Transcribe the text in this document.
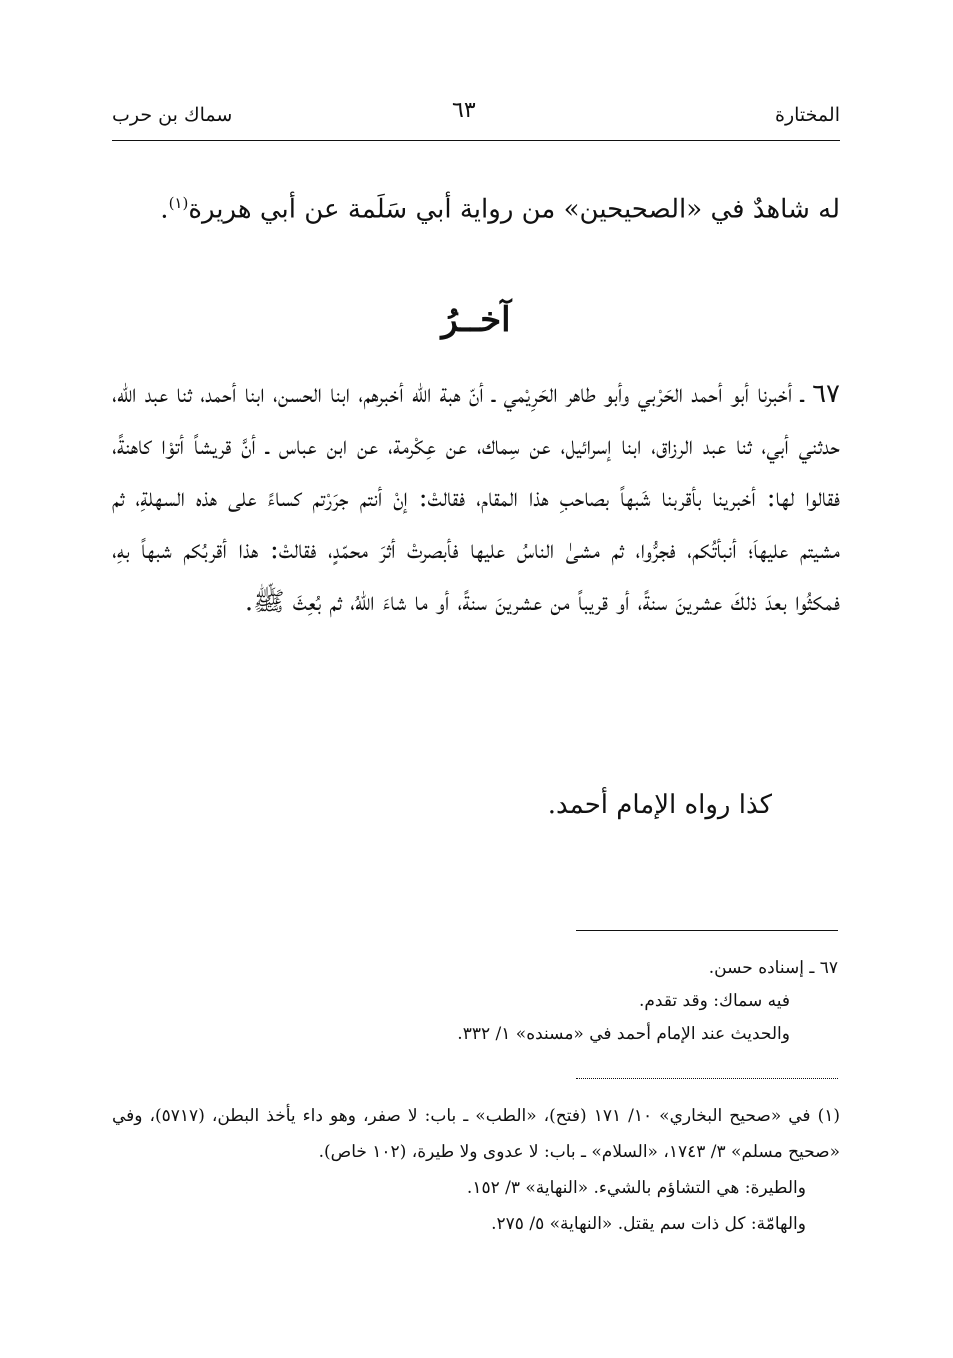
المختارة
٦٣
سماك بن حرب
له شاهدٌ في «الصحيحين» من رواية أبي سَلَمة عن أبي هريرة$^{(١)}$.
آخــرُ
٦٧ ـ أخبرنا أبو أحمد الحَرْبي وأبو طاهر الحَرِيْمي ـ أنّ هبة الله أخبرهم، ابنا الحسن، ابنا أحمد، ثنا عبد الله، حدثني أبي، ثنا عبد الرزاق، ابنا إسرائيل، عن سِماك، عن عِكْرمة، عن ابن عباس ـ أنَّ قريشاً أتوْا كاهنةً، فقالوا لها: أخبرينا بأقربنا شَبهاً بصاحبِ هذا المقام، فقالتْ: إنْ أنتم جرَرْتم كساءً على هذه السهلةِ، ثم مشيتم عليهاَ؛ أنبأتُكم، فجرُّوا، ثم مشىٰ الناسُ عليها فأبصرتْ أثرَ محمّدٍ، فقالتْ: هذا أقربُكم شبهاً بهِ، فمكثُوا بعدَ ذلكَ عشرينَ سنةً، أو قريباً من عشرينَ سنةً، أو ما شاءَ اللّهُ، ثم بُعِثَ ﷺ.
كذا رواه الإمام أحمد.
٦٧ ـ إسناده حسن.
فيه سماك: وقد تقدم.
والحديث عند الإمام أحمد في «مسنده» ١/ ٣٣٢.
(١) في «صحيح البخاري» ١٠/ ١٧١ (فتح)، «الطب» ـ باب: لا صفر، وهو داء يأخذ البطن، (٥٧١٧)، وفي «صحيح مسلم» ٣/ ١٧٤٣، «السلام» ـ باب: لا عدوى ولا طيرة، (١٠٢ خاص).
والطيرة: هي التشاؤم بالشيء. «النهاية» ٣/ ١٥٢.
والهامّة: كل ذات سم يقتل. «النهاية» ٥/ ٢٧٥.
